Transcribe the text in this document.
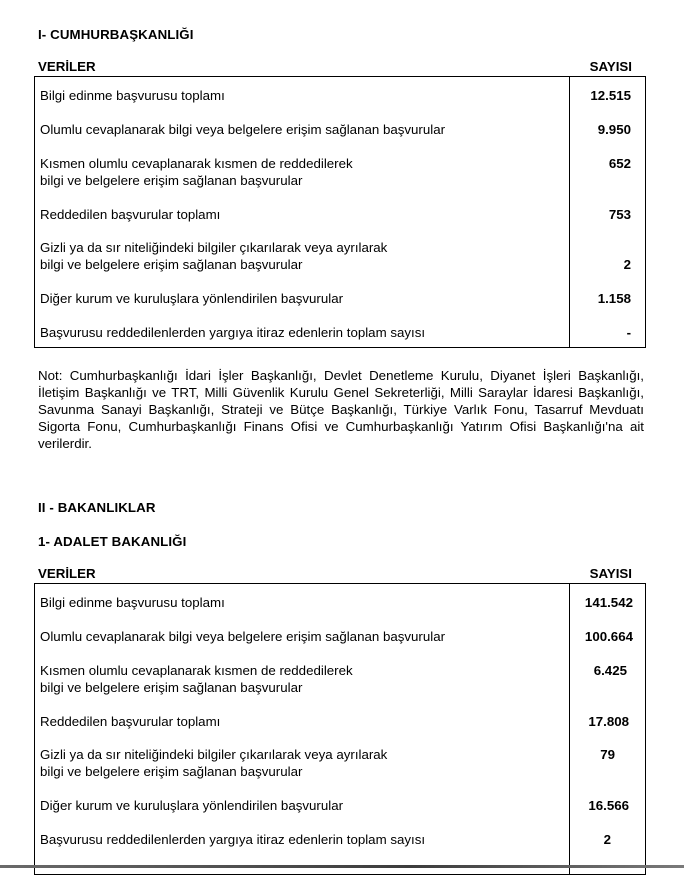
I- CUMHURBAŞKANLIĞI
VERİLER	SAYISI
Bilgi edinme başvurusu toplamı	12.515
Olumlu cevaplanarak bilgi veya belgelere erişim sağlanan başvurular	9.950
Kısmen olumlu cevaplanarak kısmen de reddedilerek
bilgi ve belgelere erişim sağlanan başvurular
652
Reddedilen başvurular toplamı	753
Gizli ya da sır niteliğindeki bilgiler çıkarılarak veya ayrılarak
bilgi ve belgelere erişim sağlanan başvurular	2
Diğer kurum ve kuruluşlara yönlendirilen başvurular	1.158
Başvurusu reddedilenlerden yargıya itiraz edenlerin toplam sayısı	-
Not: Cumhurbaşkanlığı İdari İşler Başkanlığı, Devlet Denetleme Kurulu, Diyanet İşleri Başkanlığı, İletişim Başkanlığı ve TRT, Milli Güvenlik Kurulu Genel Sekreterliği, Milli Saraylar İdaresi Başkanlığı, Savunma Sanayi Başkanlığı, Strateji ve Bütçe Başkanlığı, Türkiye Varlık Fonu, Tasarruf Mevduatı Sigorta Fonu, Cumhurbaşkanlığı Finans Ofisi ve Cumhurbaşkanlığı Yatırım Ofisi Başkanlığı'na ait verilerdir.
II - BAKANLIKLAR
1- ADALET BAKANLIĞI
VERİLER	SAYISI
Bilgi edinme başvurusu toplamı	141.542
Olumlu cevaplanarak bilgi veya belgelere erişim sağlanan başvurular	100.664
Kısmen olumlu cevaplanarak kısmen de reddedilerek
bilgi ve belgelere erişim sağlanan başvurular
6.425
Reddedilen başvurular toplamı	17.808
Gizli ya da sır niteliğindeki bilgiler çıkarılarak veya ayrılarak
bilgi ve belgelere erişim sağlanan başvurular
79
Diğer kurum ve kuruluşlara yönlendirilen başvurular	16.566
Başvurusu reddedilenlerden yargıya itiraz edenlerin toplam sayısı	2
